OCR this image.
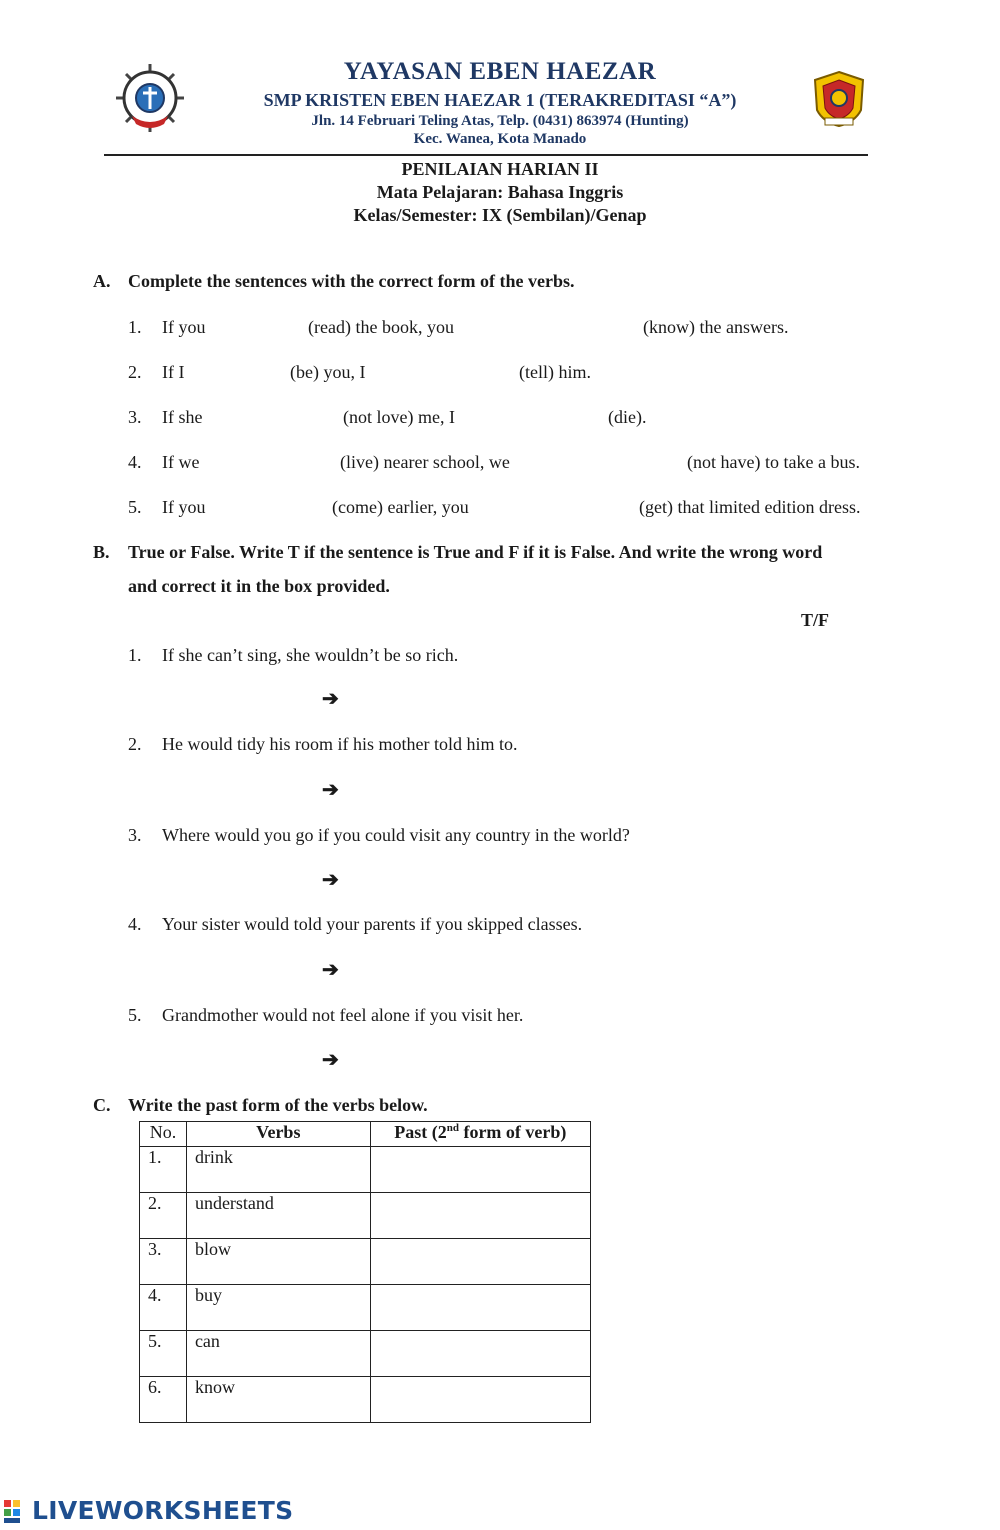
YAYASAN EBEN HAEZAR
SMP KRISTEN EBEN HAEZAR 1 (TERAKREDITASI “A”)
Jln. 14 Februari Teling Atas, Telp. (0431) 863974 (Hunting)
Kec. Wanea, Kota Manado
PENILAIAN HARIAN II
Mata Pelajaran: Bahasa Inggris
Kelas/Semester: IX (Sembilan)/Genap
A. Complete the sentences with the correct form of the verbs.
1. If you	(read) the book, you	(know) the answers.
2. If I	(be) you, I	(tell) him.
3. If she	(not love) me, I	(die).
4. If we	(live) nearer school, we	(not have) to take a bus.
5. If you	(come) earlier, you	(get) that limited edition dress.
B. True or False. Write T if the sentence is True and F if it is False. And write the wrong word
and correct it in the box provided.
T/F
1. If she can’t sing, she wouldn’t be so rich.
➔
2. He would tidy his room if his mother told him to.
➔
3. Where would you go if you could visit any country in the world?
➔
4. Your sister would told your parents if you skipped classes.
➔
5. Grandmother would not feel alone if you visit her.
➔
C. Write the past form of the verbs below.
No.	Verbs	Past (2nd form of verb)
1.	drink	
2.	understand	
3.	blow	
4.	buy	
5.	can	
6.	know	
LIVEWORKSHEETS
